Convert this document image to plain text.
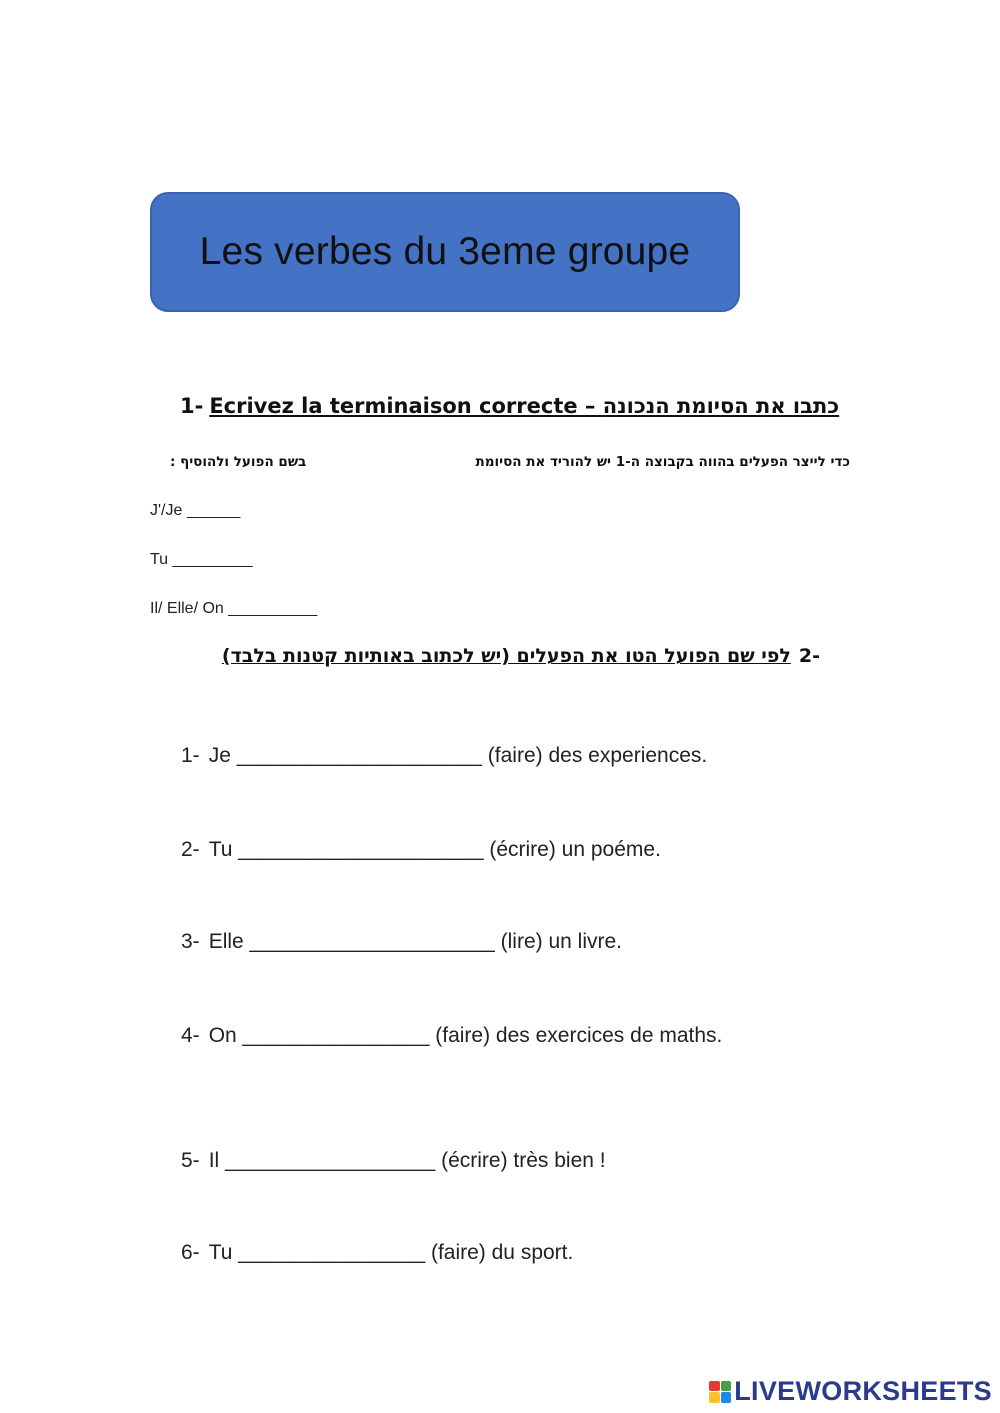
Les verbes du 3eme groupe
1- Ecrivez la terminaison correcte – כתבו את הסיומת הנכונה
כדי לייצר הפעלים בהווה בקבוצה ה-1 יש להוריד את הסיומת
בשם הפועל ולהוסיף :
J'/Je ______
Tu _________
Il/ Elle/ On __________
-2לפי שם הפועל הטו את הפעלים (יש לכתוב באותיות קטנות בלבד)
1- Je _____________________ (faire) des experiences.
2- Tu _____________________ (écrire) un poéme.
3- Elle _____________________ (lire) un livre.
4- On ________________ (faire) des exercices de maths.
5- Il __________________ (écrire) très bien !
6- Tu ________________ (faire) du sport.
LIVEWORKSHEETS
